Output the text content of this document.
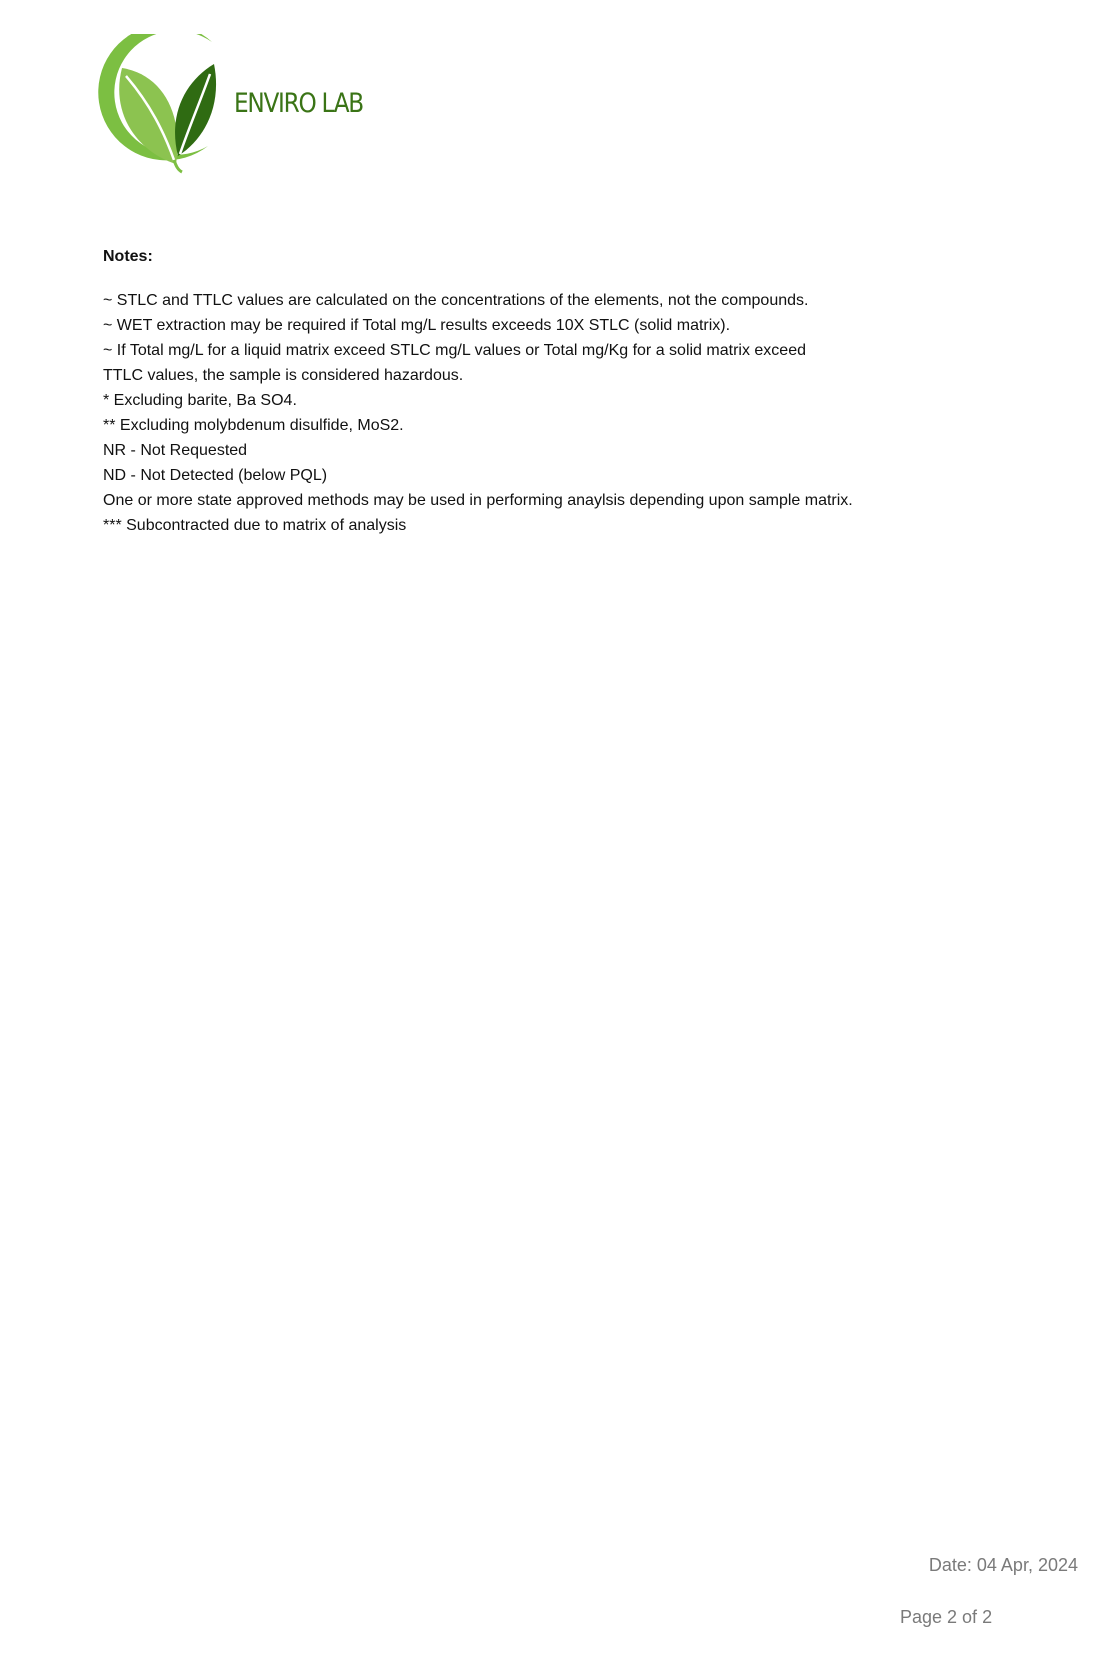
ENVIRO LAB
Notes:
~ STLC and TTLC values are calculated on the concentrations of the elements, not the compounds.
~ WET extraction may be required if Total mg/L results exceeds 10X STLC (solid matrix).
~ If Total mg/L for a liquid matrix exceed STLC mg/L values or Total mg/Kg for a solid matrix exceed
TTLC values, the sample is considered hazardous.
* Excluding barite, Ba SO4.
** Excluding molybdenum disulfide, MoS2.
NR - Not Requested
ND - Not Detected (below PQL)
One or more state approved methods may be used in performing anaylsis depending upon sample matrix.
*** Subcontracted due to matrix of analysis
Date: 04 Apr, 2024
Page 2 of 2
